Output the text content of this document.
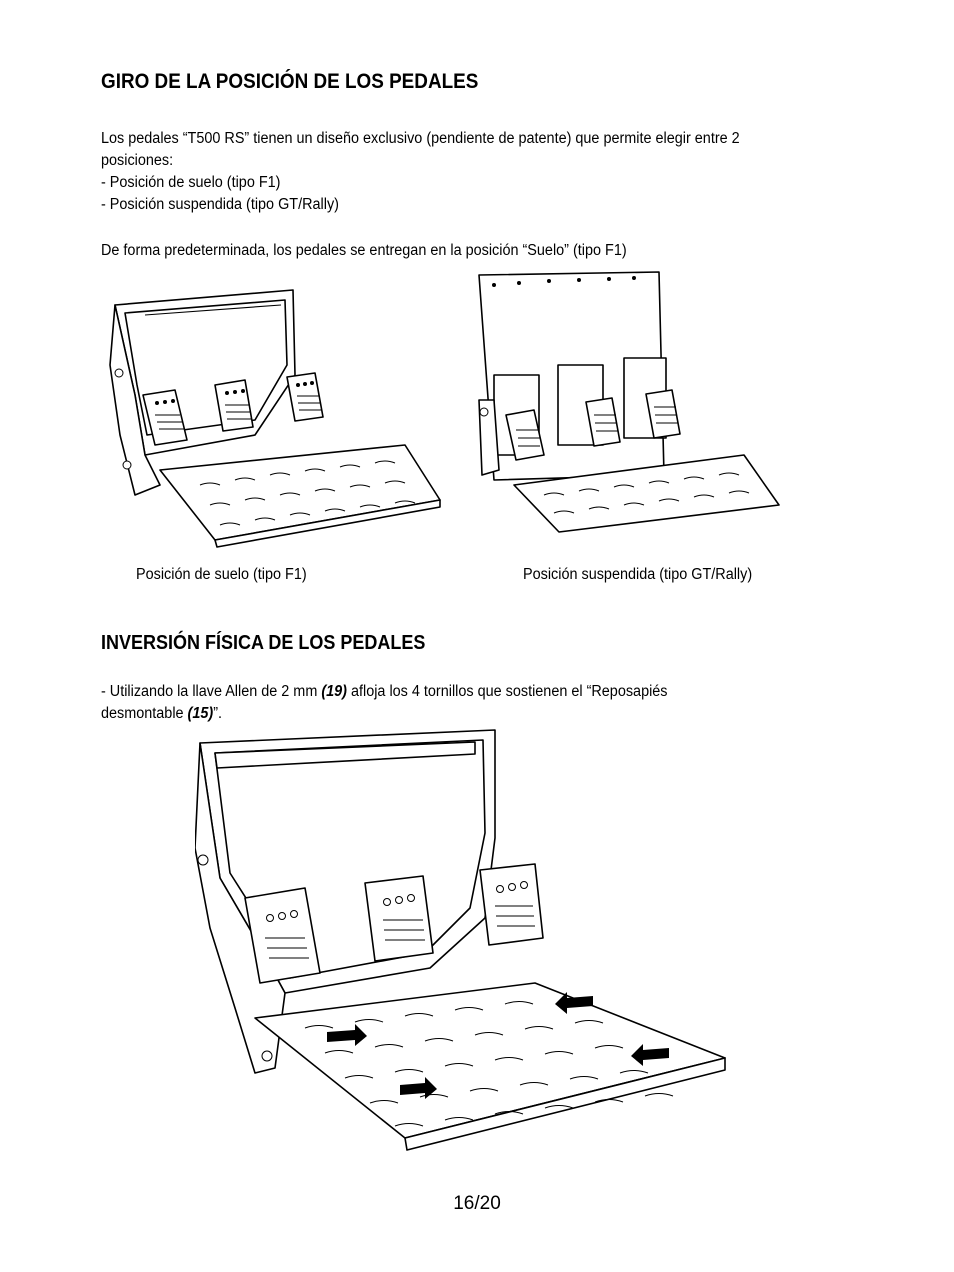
GIRO DE LA POSICIÓN DE LOS PEDALES

Los pedales “T500 RS” tienen un diseño exclusivo (pendiente de patente) que permite elegir entre 2

posiciones:

- Posición de suelo (tipo F1)

- Posición suspendida (tipo GT/Rally)

De forma predeterminada, los pedales se entregan en la posición “Suelo” (tipo F1)

Posición de suelo (tipo F1)	Posición suspendida (tipo GT/Rally)
INVERSIÓN FÍSICA DE LOS PEDALES

- Utilizando la llave Allen de 2 mm (19) afloja los 4 tornillos que sostienen el “Reposapiés

desmontable (15)”.

16/20
